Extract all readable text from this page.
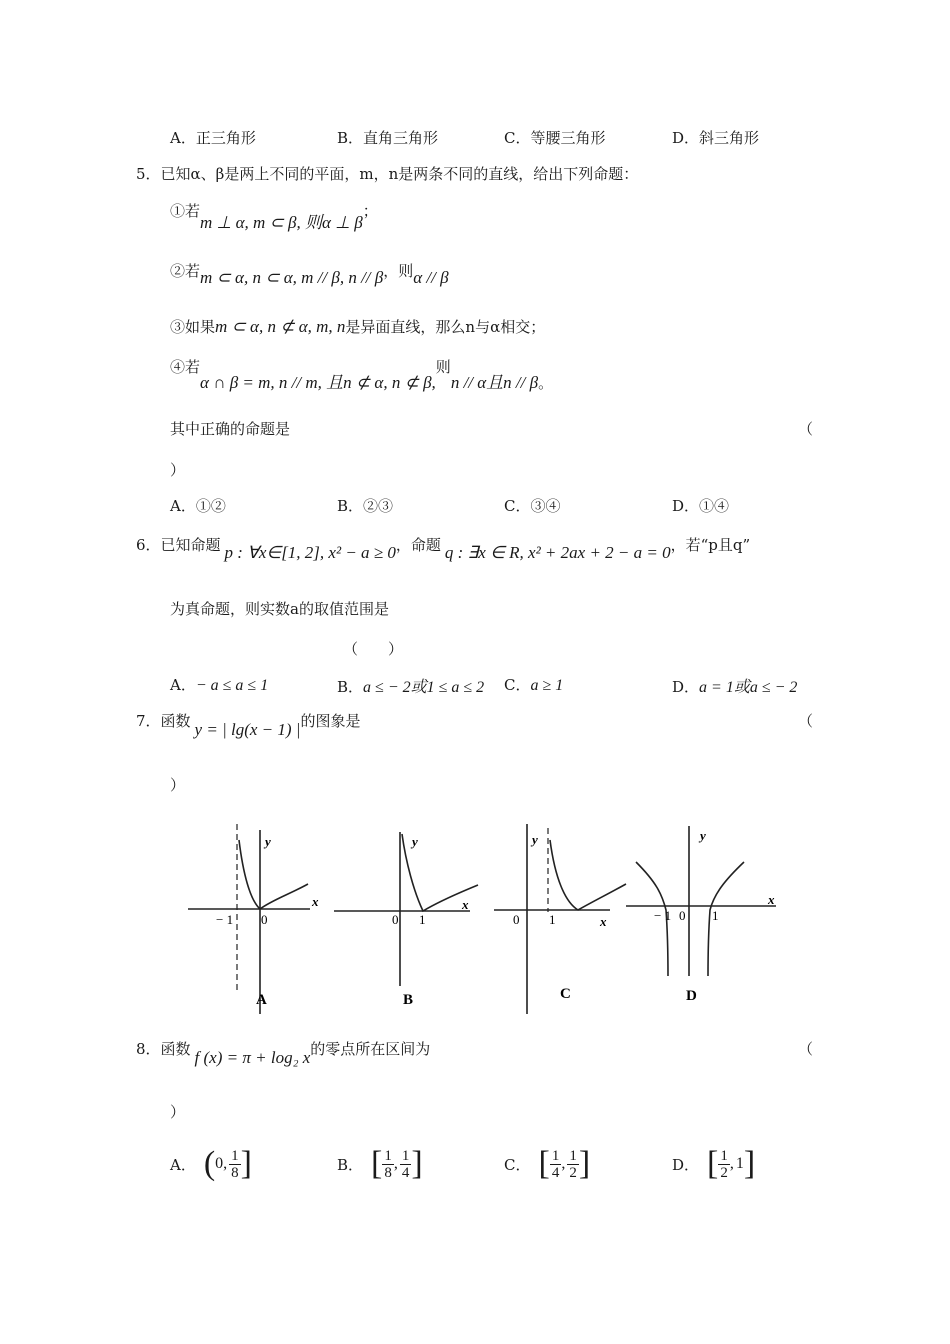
A．正三角形	B．直角三角形	C．等腰三角形	D．斜三角形
5．已知α、β是两上不同的平面，m，n是两条不同的直线，给出下列命题：
①若m ⊥ α, m ⊂ β, 则α ⊥ β；
②若m ⊂ α, n ⊂ α, m // β, n // β，则α // β
③如果m ⊂ α, n ⊄ α, m, n是异面直线，那么n与α相交；
④若α ∩ β = m, n // m, 且n ⊄ α, n ⊄ β,则n // α且n // β。
其中正确的命题是	（
）
A．①②	B．②③	C．③④	D．①④
6．已知命题 p : ∀x∈[1, 2], x² − a ≥ 0，命题 q : ∃x ∈ R, x² + 2ax + 2 − a = 0，若“p且q”
为真命题，则实数a的取值范围是
（　　）
A．− a ≤ a ≤ 1	B．a ≤ − 2或1 ≤ a ≤ 2 C．a ≥ 1	D．a = 1或a ≤ − 2
7．函数 y = | lg(x − 1) |的图象是	（
）
y
x
− 1 0
A
y
x
0 1
B
y
x
0 1
C
y
x
− 1 0 1
D
8．函数 f (x) = π + log₂ x的零点所在区间为	（
）
A． ( 0 , $\frac{1}{8}$ ]	B． [ $\frac{1}{8}$ , $\frac{1}{4}$ ]	C． [ $\frac{1}{4}$ , $\frac{1}{2}$ ]	D． [ $\frac{1}{2}$ , 1 ]
